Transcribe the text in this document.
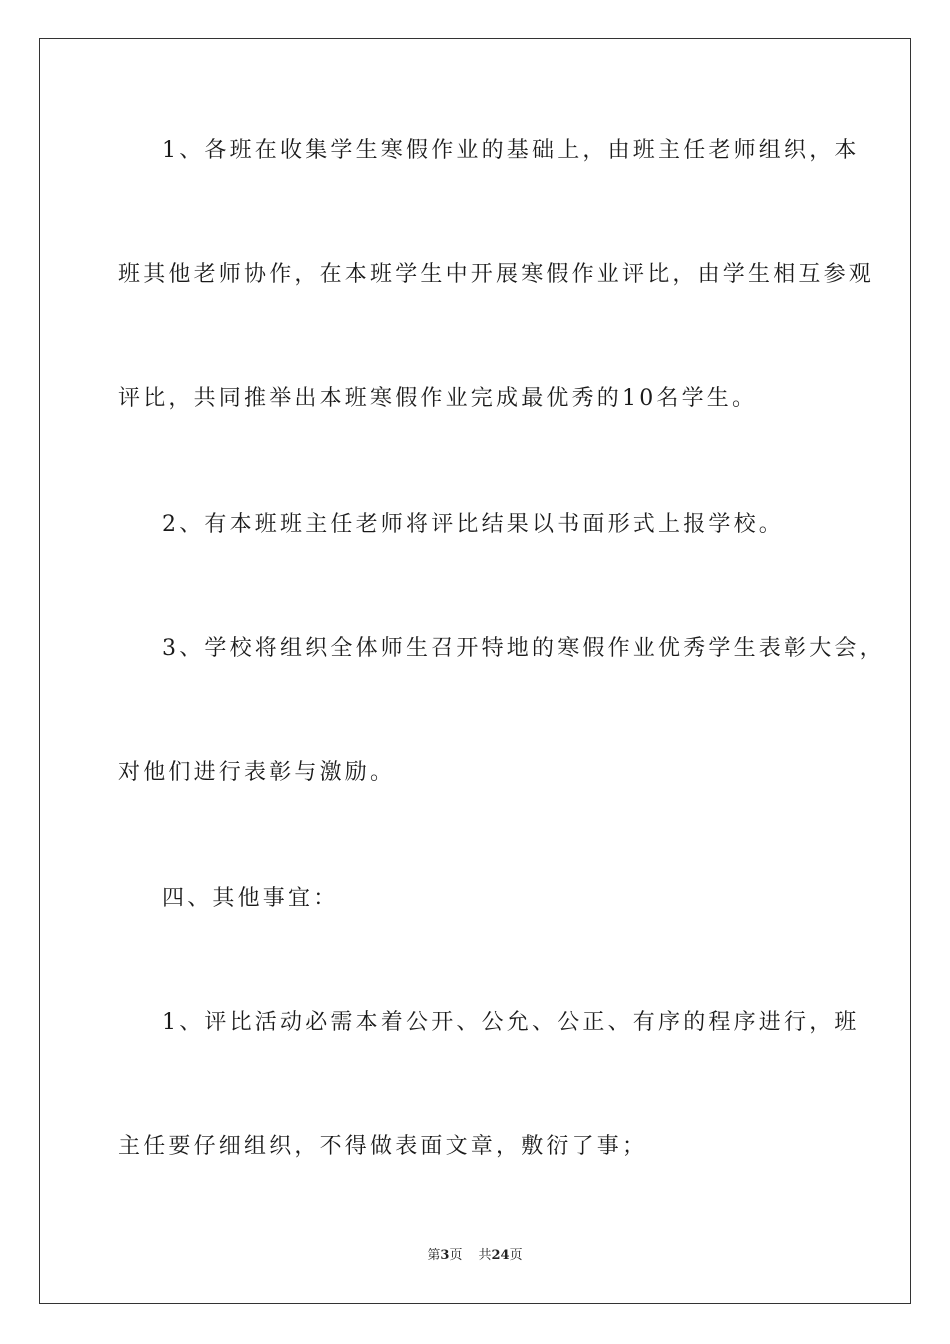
1、各班在收集学生寒假作业的基础上，由班主任老师组织，本
班其他老师协作，在本班学生中开展寒假作业评比，由学生相互参观
评比，共同推举出本班寒假作业完成最优秀的10名学生。
2、有本班班主任老师将评比结果以书面形式上报学校。
3、学校将组织全体师生召开特地的寒假作业优秀学生表彰大会，
对他们进行表彰与激励。
四、其他事宜：
1、评比活动必需本着公开、公允、公正、有序的程序进行，班
主任要仔细组织，不得做表面文章，敷衍了事；
第3页 共24页
